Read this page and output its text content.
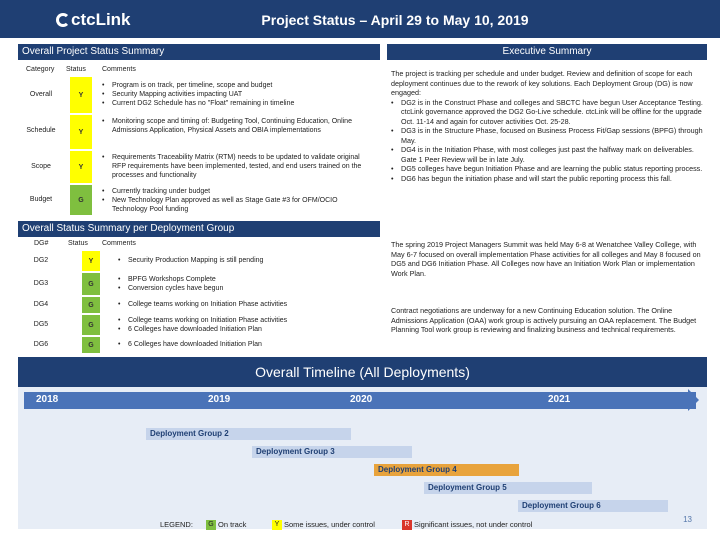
ctcLink	Project Status – April 29 to May 10, 2019
Overall Project Status Summary
Category Status Comments
Overall	Y
• Program is on track, per timeline, scope and budget
• Security Mapping activities impacting UAT
• Current DG2 Schedule has no "Float" remaining in timeline
Schedule	Y
• Monitoring scope and timing of: Budgeting Tool, Continuing Education, Online Admissions Application, Physical Assets and OBIA implementations
Scope	Y
• Requirements Traceability Matrix (RTM) needs to be updated to validate original RFP requirements have been implemented, tested, and end users trained on the processes and functionality
Budget	G
• Currently tracking under budget
• New Technology Plan approved as well as Stage Gate #3 for OFM/OCIO Technology Pool funding
Overall Status Summary per Deployment Group
DG#	Status Comments
DG2	Y	• Security Production Mapping is still pending
DG3	G
• BPFG Workshops Complete
• Conversion cycles have begun
DG4	G	• College teams working on Initiation Phase activities
DG5	G
• College teams working on Initiation Phase activities
• 6 Colleges have downloaded Initiation Plan
DG6	G	• 6 Colleges have downloaded Initiation Plan
Executive Summary

The project is tracking per schedule and under budget. Review and definition of scope for each deployment continues due to the rework of key solutions. Each Deployment Group (DG) is now engaged:

• DG2 is in the Construct Phase and colleges and SBCTC have begun User Acceptance Testing. ctcLink governance approved the DG2 Go-Live schedule. ctcLink will be offline for the upgrade Oct. 11-14 and again for cutover activities Oct. 25-28.
• DG3 is in the Structure Phase, focused on Business Process Fit/Gap sessions (BPFG) through May.
• DG4 is in the Initiation Phase, with most colleges just past the halfway mark on deliverables. Gate 1 Peer Review will be in late July.
• DG5 colleges have begun Initiation Phase and are learning the public status reporting process.
• DG6 has begun the initiation phase and will start the public reporting process this fall.
The spring 2019 Project Managers Summit was held May 6-8 at Wenatchee Valley College, with May 6-7 focused on overall implementation Phase activities for all colleges and May 8 focused on DG5 and DG6 Initiation Phase. All Colleges now have an Initiation Work Plan or implementation Work Plan.
Contract negotiations are underway for a new Continuing Education solution. The Online Admissions Application (OAA) work group is actively pursuing an OAA replacement. The Budget Planning Tool work group is reviewing and finalizing business and technical requirements.
Overall Timeline (All Deployments)
2018	2019	2020	2021
Deployment Group 2
Deployment Group 3
Deployment Group 4
Deployment Group 5
Deployment Group 6
LEGEND:	G On track	Y Some issues, under control	R Significant issues, not under control
13
